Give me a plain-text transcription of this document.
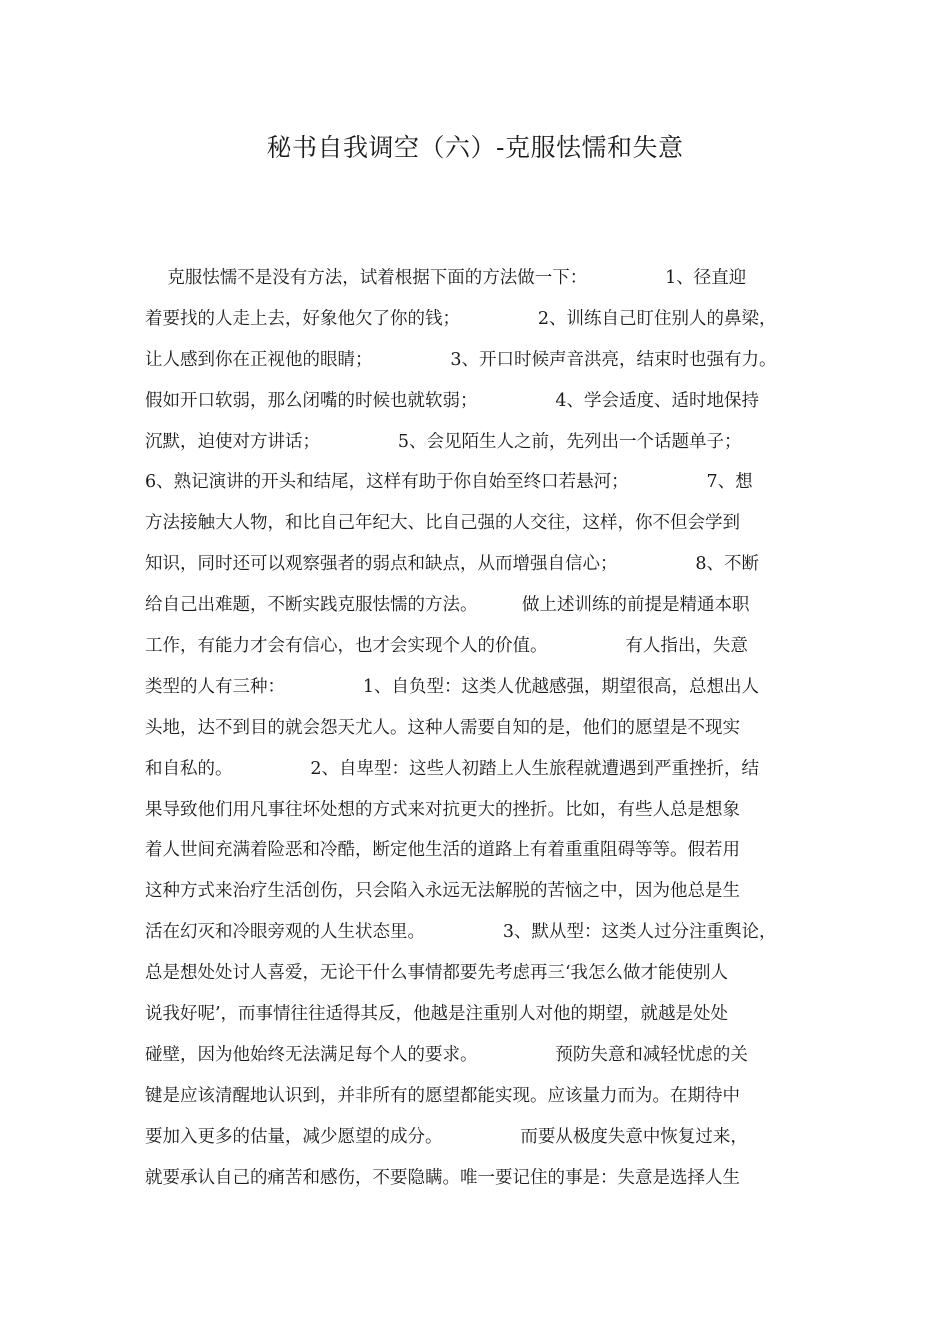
秘书自我调空（六）-克服怯懦和失意
克服怯懦不是没有方法，试着根据下面的方法做一下：              1、径直迎
着要找的人走上去，好象他欠了你的钱；              2、训练自己盯住别人的鼻梁，
让人感到你在正视他的眼睛；              3、开口时候声音洪亮，结束时也强有力。
假如开口软弱，那么闭嘴的时候也就软弱；              4、学会适度、适时地保持
沉默，迫使对方讲话；              5、会见陌生人之前，先列出一个话题单子；
6、熟记演讲的开头和结尾，这样有助于你自始至终口若悬河；              7、想
方法接触大人物，和比自己年纪大、比自己强的人交往，这样，你不但会学到
知识，同时还可以观察强者的弱点和缺点，从而增强自信心；              8、不断
给自己出难题，不断实践克服怯懦的方法。        做上述训练的前提是精通本职
工作，有能力才会有信心，也才会实现个人的价值。              有人指出，失意
类型的人有三种：              1、自负型：这类人优越感强，期望很高，总想出人
头地，达不到目的就会怨天尤人。这种人需要自知的是，他们的愿望是不现实
和自私的。              2、自卑型：这些人初踏上人生旅程就遭遇到严重挫折，结
果导致他们用凡事往坏处想的方式来对抗更大的挫折。比如，有些人总是想象
着人世间充满着险恶和冷酷，断定他生活的道路上有着重重阻碍等等。假若用
这种方式来治疗生活创伤，只会陷入永远无法解脱的苦恼之中，因为他总是生
活在幻灭和冷眼旁观的人生状态里。              3、默从型：这类人过分注重舆论，
总是想处处讨人喜爱，无论干什么事情都要先考虑再三‘我怎么做才能使别人
说我好呢’，而事情往往适得其反，他越是注重别人对他的期望，就越是处处
碰壁，因为他始终无法满足每个人的要求。              预防失意和减轻忧虑的关
键是应该清醒地认识到，并非所有的愿望都能实现。应该量力而为。在期待中
要加入更多的估量，减少愿望的成分。              而要从极度失意中恢复过来，
就要承认自己的痛苦和感伤，不要隐瞒。唯一要记住的事是：失意是选择人生
